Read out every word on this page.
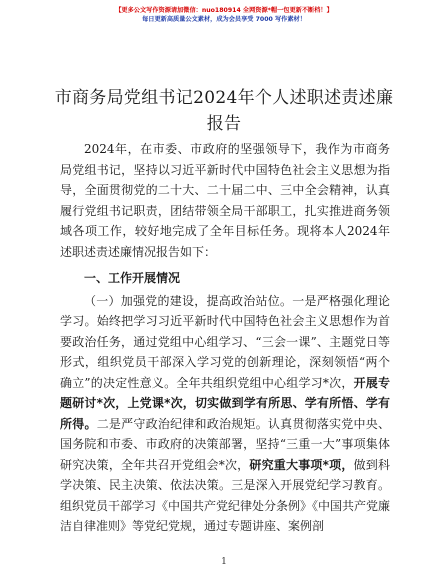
【更多公文写作资源请加微信：nuo180914 全网资源*帽一包更新不断档！】
每日更新高质量公文素材，成为会员享受 7000 写作素材！
市商务局党组书记2024年个人述职述责述廉报告

2024年，在市委、市政府的坚强领导下，我作为市商务局党组书记，坚持以习近平新时代中国特色社会主义思想为指导，全面贯彻党的二十大、二十届二中、三中全会精神，认真履行党组书记职责，团结带领全局干部职工，扎实推进商务领域各项工作，较好地完成了全年目标任务。现将本人2024年述职述责述廉情况报告如下：

一、工作开展情况

（一）加强党的建设，提高政治站位。一是严格强化理论学习。始终把学习习近平新时代中国特色社会主义思想作为首要政治任务，通过党组中心组学习、“三会一课”、主题党日等形式，组织党员干部深入学习党的创新理论，深刻领悟“两个确立”的决定性意义。全年共组织党组中心组学习*次，开展专题研讨*次，上党课*次，切实做到学有所思、学有所悟、学有所得。二是严守政治纪律和政治规矩。认真贯彻落实党中央、国务院和市委、市政府的决策部署，坚持“三重一大”事项集体研究决策，全年共召开党组会*次，研究重大事项*项，做到科学决策、民主决策、依法决策。三是深入开展党纪学习教育。组织党员干部学习《中国共产党纪律处分条例》《中国共产党廉洁自律准则》等党纪党规，通过专题讲座、案例剖

1
